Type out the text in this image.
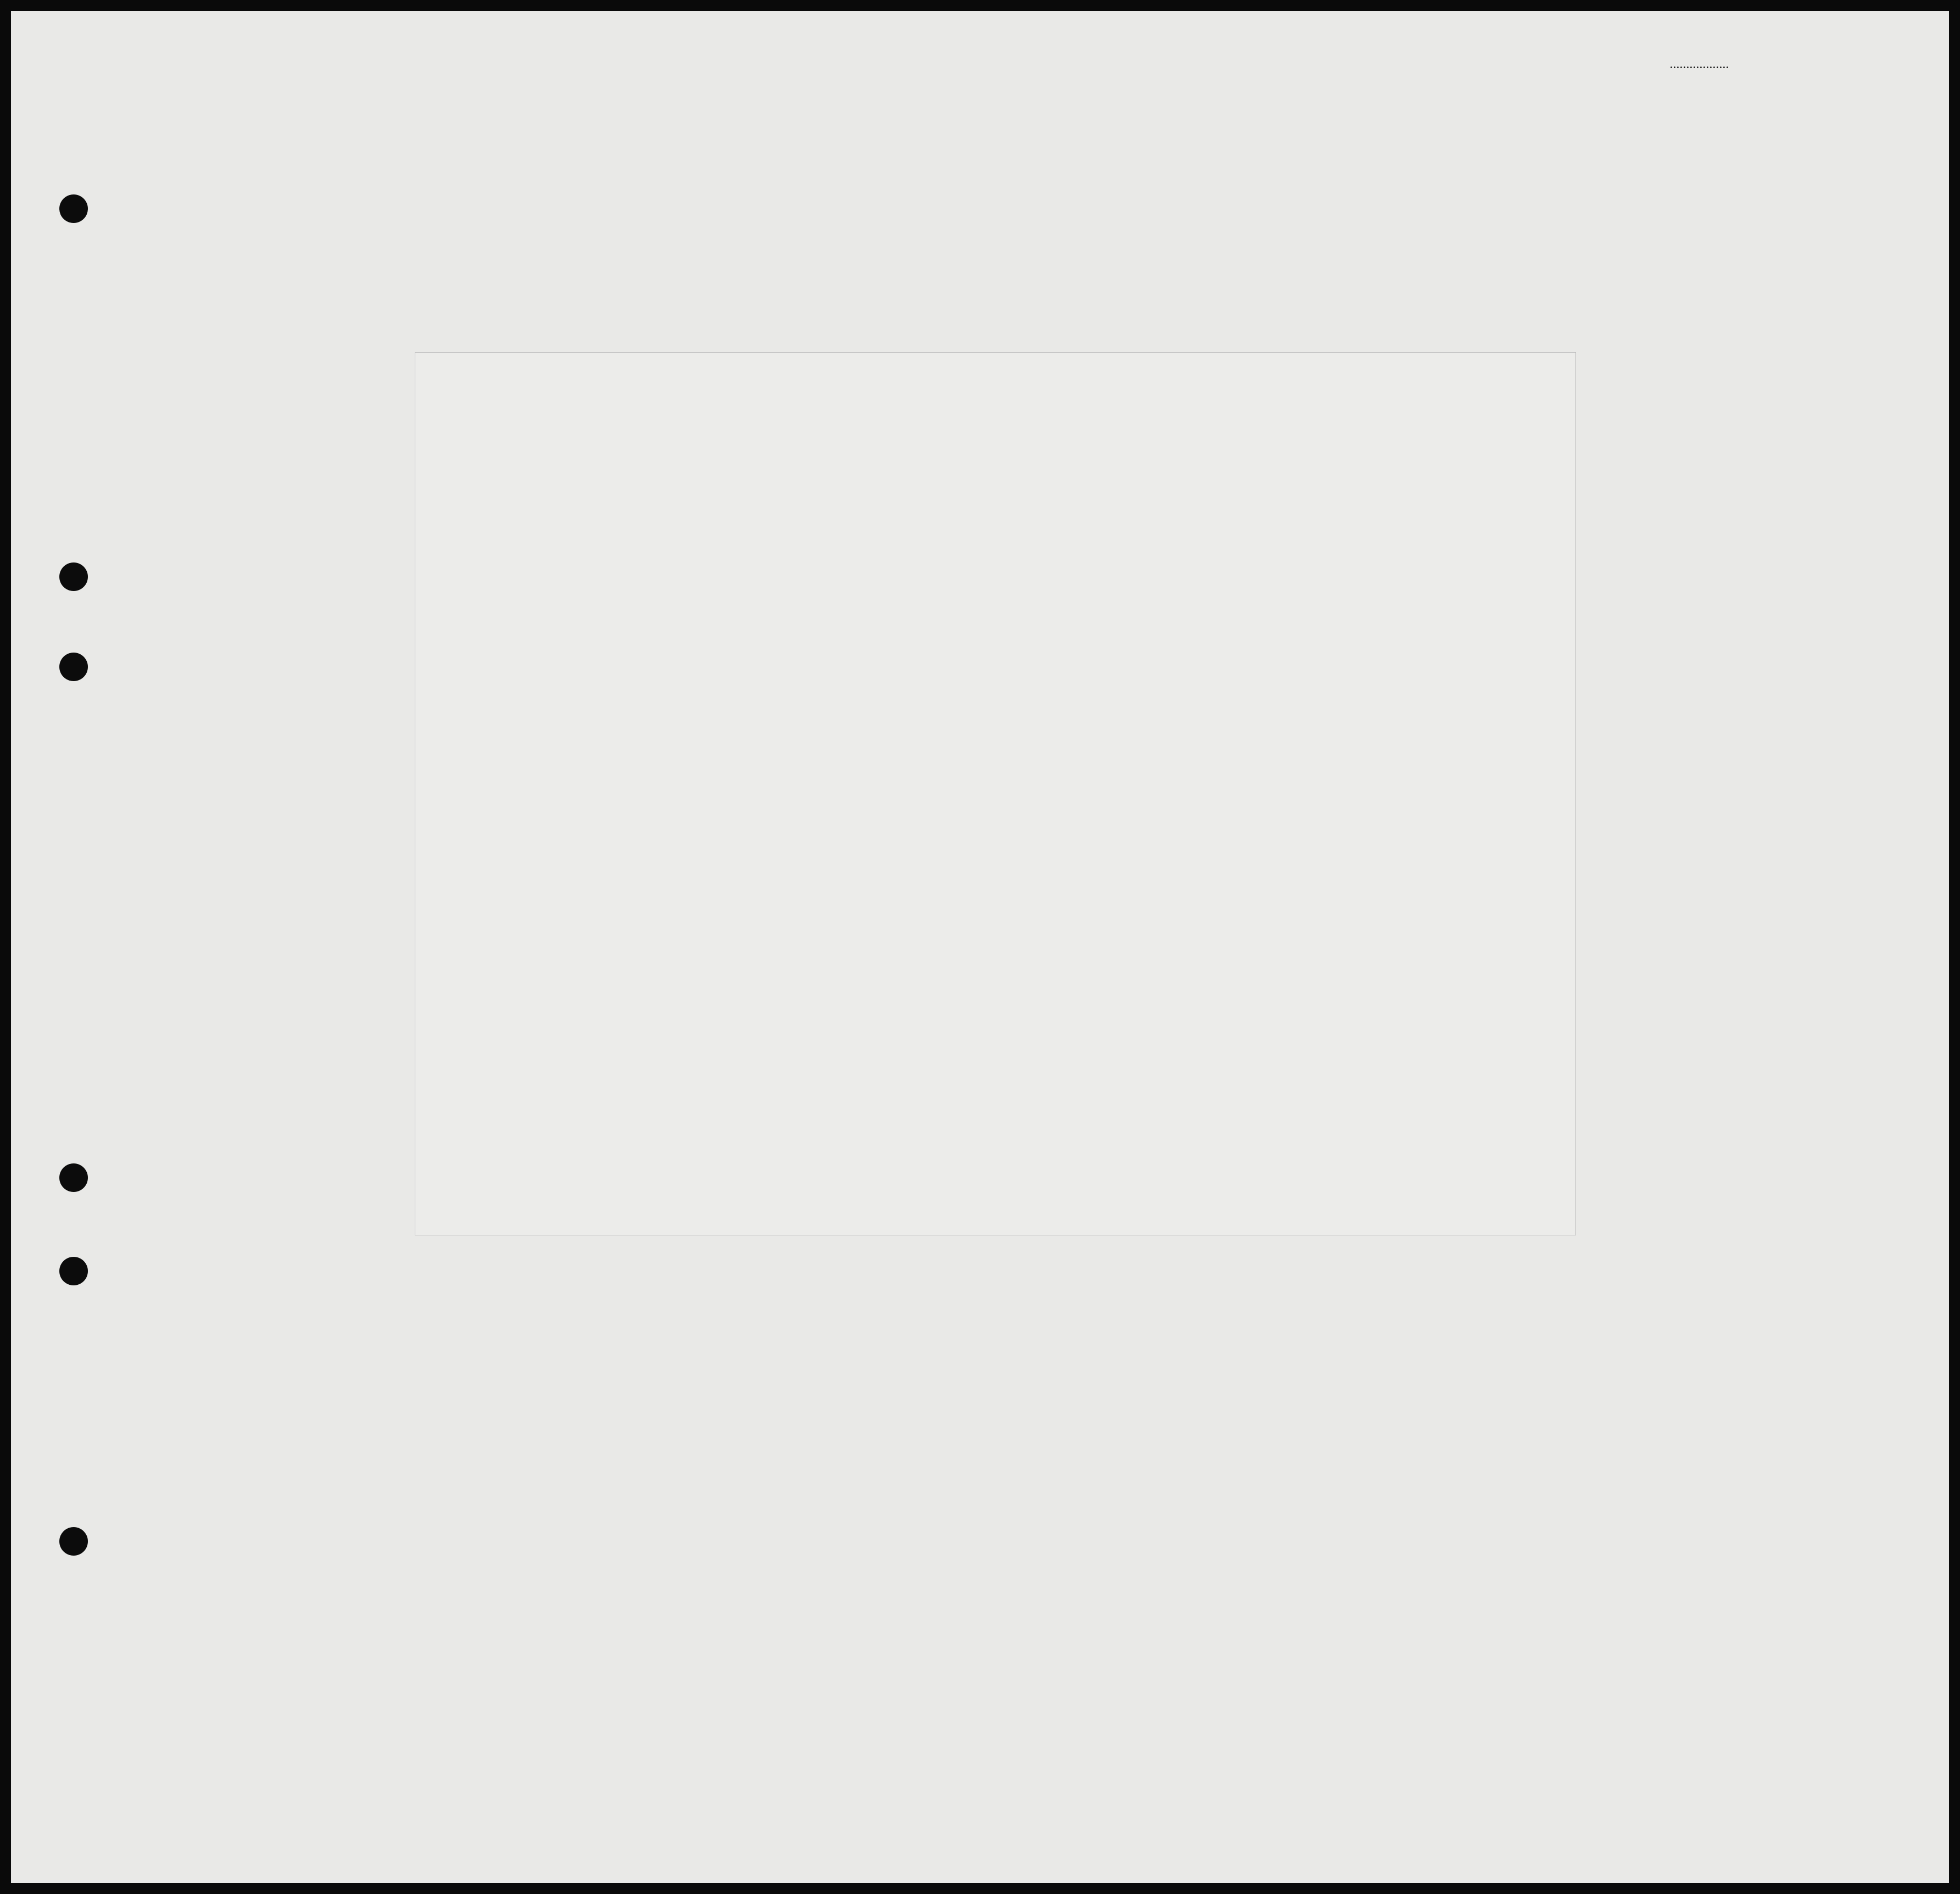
..................
